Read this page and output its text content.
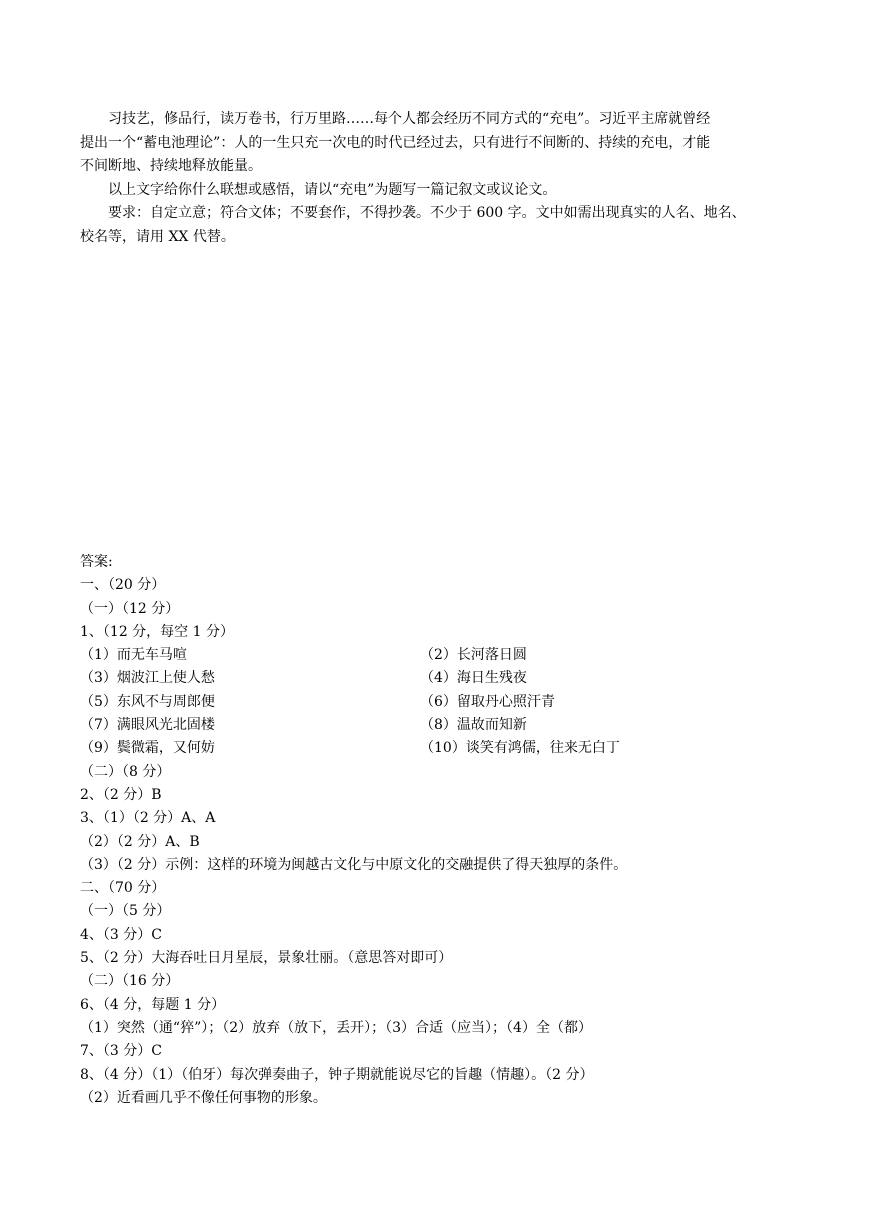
习技艺，修品行，读万卷书，行万里路……每个人都会经历不同方式的“充电”。习近平主席就曾经

提出一个“蓄电池理论”：人的一生只充一次电的时代已经过去，只有进行不间断的、持续的充电，才能
不间断地、持续地释放能量。

以上文字给你什么联想或感悟，请以“充电”为题写一篇记叙文或议论文。

要求：自定立意；符合文体；不要套作，不得抄袭。不少于 600 字。文中如需出现真实的人名、地名、

校名等，请用 XX 代替。

答案:
一、（20 分）
（一）（12 分）
1、（12 分，每空 1 分）
（1）而无车马喧	（2）长河落日圆
（3）烟波江上使人愁	（4）海日生残夜
（5）东风不与周郎便	（6）留取丹心照汗青
（7）满眼风光北固楼	（8）温故而知新
（9）鬓微霜，又何妨	（10）谈笑有鸿儒，往来无白丁
（二）（8 分）
2、（2 分）B
3、（1）（2 分）A、A
（2）（2 分）A、B
（3）（2 分）示例：这样的环境为闽越古文化与中原文化的交融提供了得天独厚的条件。
二、（70 分）
（一）（5 分）
4、（3 分）C
5、（2 分）大海吞吐日月星辰，景象壮丽。（意思答对即可）
（二）（16 分）
6、（4 分，每题 1 分）
（1）突然（通“猝”）；（2）放弃（放下，丢开）；（3）合适（应当）；（4）全（都）
7、（3 分）C
8、（4 分）（1）（伯牙）每次弹奏曲子，钟子期就能说尽它的旨趣（情趣）。（2 分）
（2）近看画几乎不像任何事物的形象。
